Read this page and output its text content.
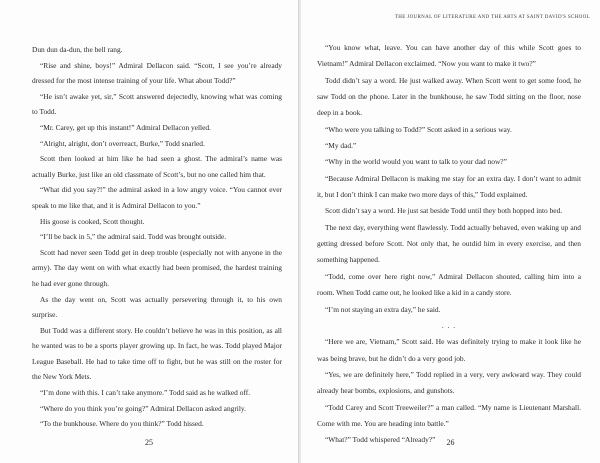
Dun dun da-dun, the bell rang.

“Rise and shine, boys!” Admiral Dellacon said. “Scott, I see you’re already dressed for the most intense training of your life. What about Todd?”

“He isn’t awake yet, sir,” Scott answered dejectedly, knowing what was coming to Todd.

“Mr. Carey, get up this instant!” Admiral Dellacon yelled.

“Alright, alright, don’t overreact, Burke,” Todd snarled.

Scott then looked at him like he had seen a ghost. The admiral’s name was actually Burke, just like an old classmate of Scott’s, but no one called him that.

“What did you say?!” the admiral asked in a low angry voice. “You cannot ever speak to me like that, and it is Admiral Dellacon to you.”

His goose is cooked, Scott thought.

“I’ll be back in 5,” the admiral said. Todd was brought outside.

Scott had never seen Todd get in deep trouble (especially not with anyone in the army). The day went on with what exactly had been promised, the hardest training he had ever gone through.

As the day went on, Scott was actually persevering through it, to his own surprise.

But Todd was a different story. He couldn’t believe he was in this position, as all he wanted was to be a sports player growing up. In fact, he was. Todd played Major League Baseball. He had to take time off to fight, but he was still on the roster for the New York Mets.

“I’m done with this. I can’t take anymore.” Todd said as he walked off.

“Where do you think you’re going?” Admiral Dellacon asked angrily.

“To the bunkhouse. Where do you think?” Todd hissed.

25
THE JOURNAL OF LITERATURE AND THE ARTS AT SAINT DAVID'S SCHOOL

“You know what, leave. You can have another day of this while Scott goes to Vietnam!” Admiral Dellacon exclaimed. “Now you want to make it two?”

Todd didn’t say a word. He just walked away. When Scott went to get some food, he saw Todd on the phone. Later in the bunkhouse, he saw Todd sitting on the floor, nose deep in a book.

“Who were you talking to Todd?” Scott asked in a serious way.

“My dad.”

“Why in the world would you want to talk to your dad now?”

“Because Admiral Dellacon is making me stay for an extra day. I don’t want to admit it, but I don’t think I can make two more days of this,” Todd explained.

Scott didn’t say a word. He just sat beside Todd until they both hopped into bed.

The next day, everything went flawlessly. Todd actually behaved, even waking up and getting dressed before Scott. Not only that, he outdid him in every exercise, and then something happened.

“Todd, come over here right now,” Admiral Dellacon shouted, calling him into a room. When Todd came out, he looked like a kid in a candy store.

“I’m not staying an extra day,” he said.

. . .

“Here we are, Vietnam,” Scott said. He was definitely trying to make it look like he was being brave, but he didn’t do a very good job.

“Yes, we are definitely here,” Todd replied in a very, very awkward way. They could already hear bombs, explosions, and gunshots.

“Todd Carey and Scott Treeweiler?” a man called. “My name is Lieutenant Marshall. Come with me. You are heading into battle.”

“What?” Todd whispered “Already?”	26
